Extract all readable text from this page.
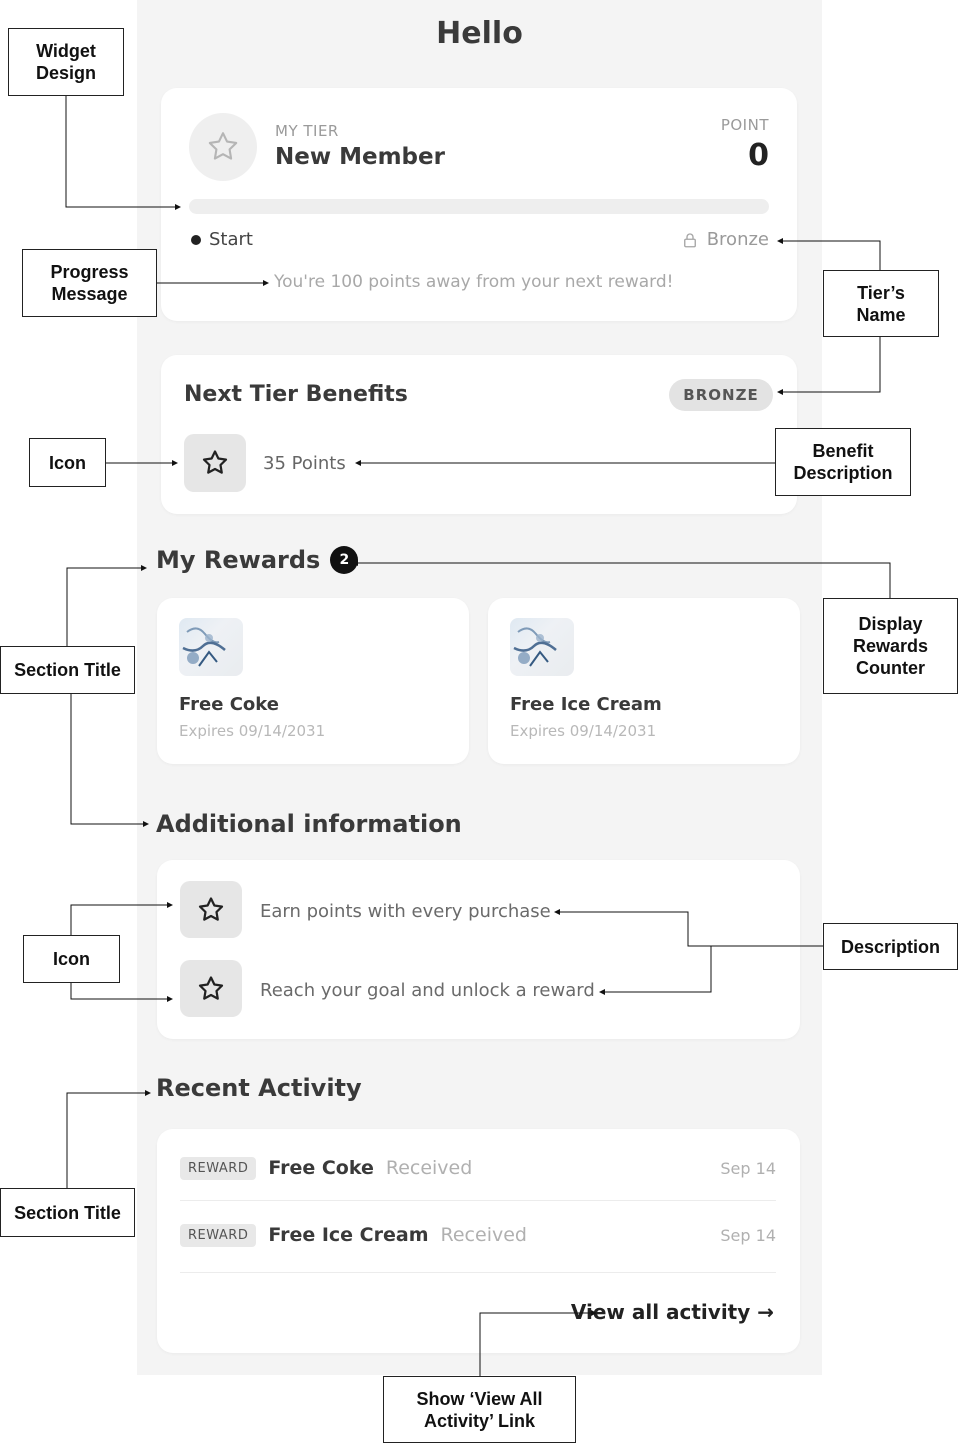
Hello
MY TIER
New Member
POINT
0
Start	Bronze
You're 100 points away from your next reward!
Next Tier Benefits	BRONZE
35 Points
My Rewards	2
Free Coke
Expires 09/14/2031
Free Ice Cream
Expires 09/14/2031
Additional information
Earn points with every purchase
Reach your goal and unlock a reward
Recent Activity
REWARD	Free Coke Received	Sep 14
REWARD	Free Ice Cream Received	Sep 14
View all activity →
Widget
Design
Progress
Message	Tier’s
Name
Icon
Benefit
Description
Section Title
Display
Rewards
Counter
Icon
Description
Section Title
Show ‘View All
Activity’ Link
